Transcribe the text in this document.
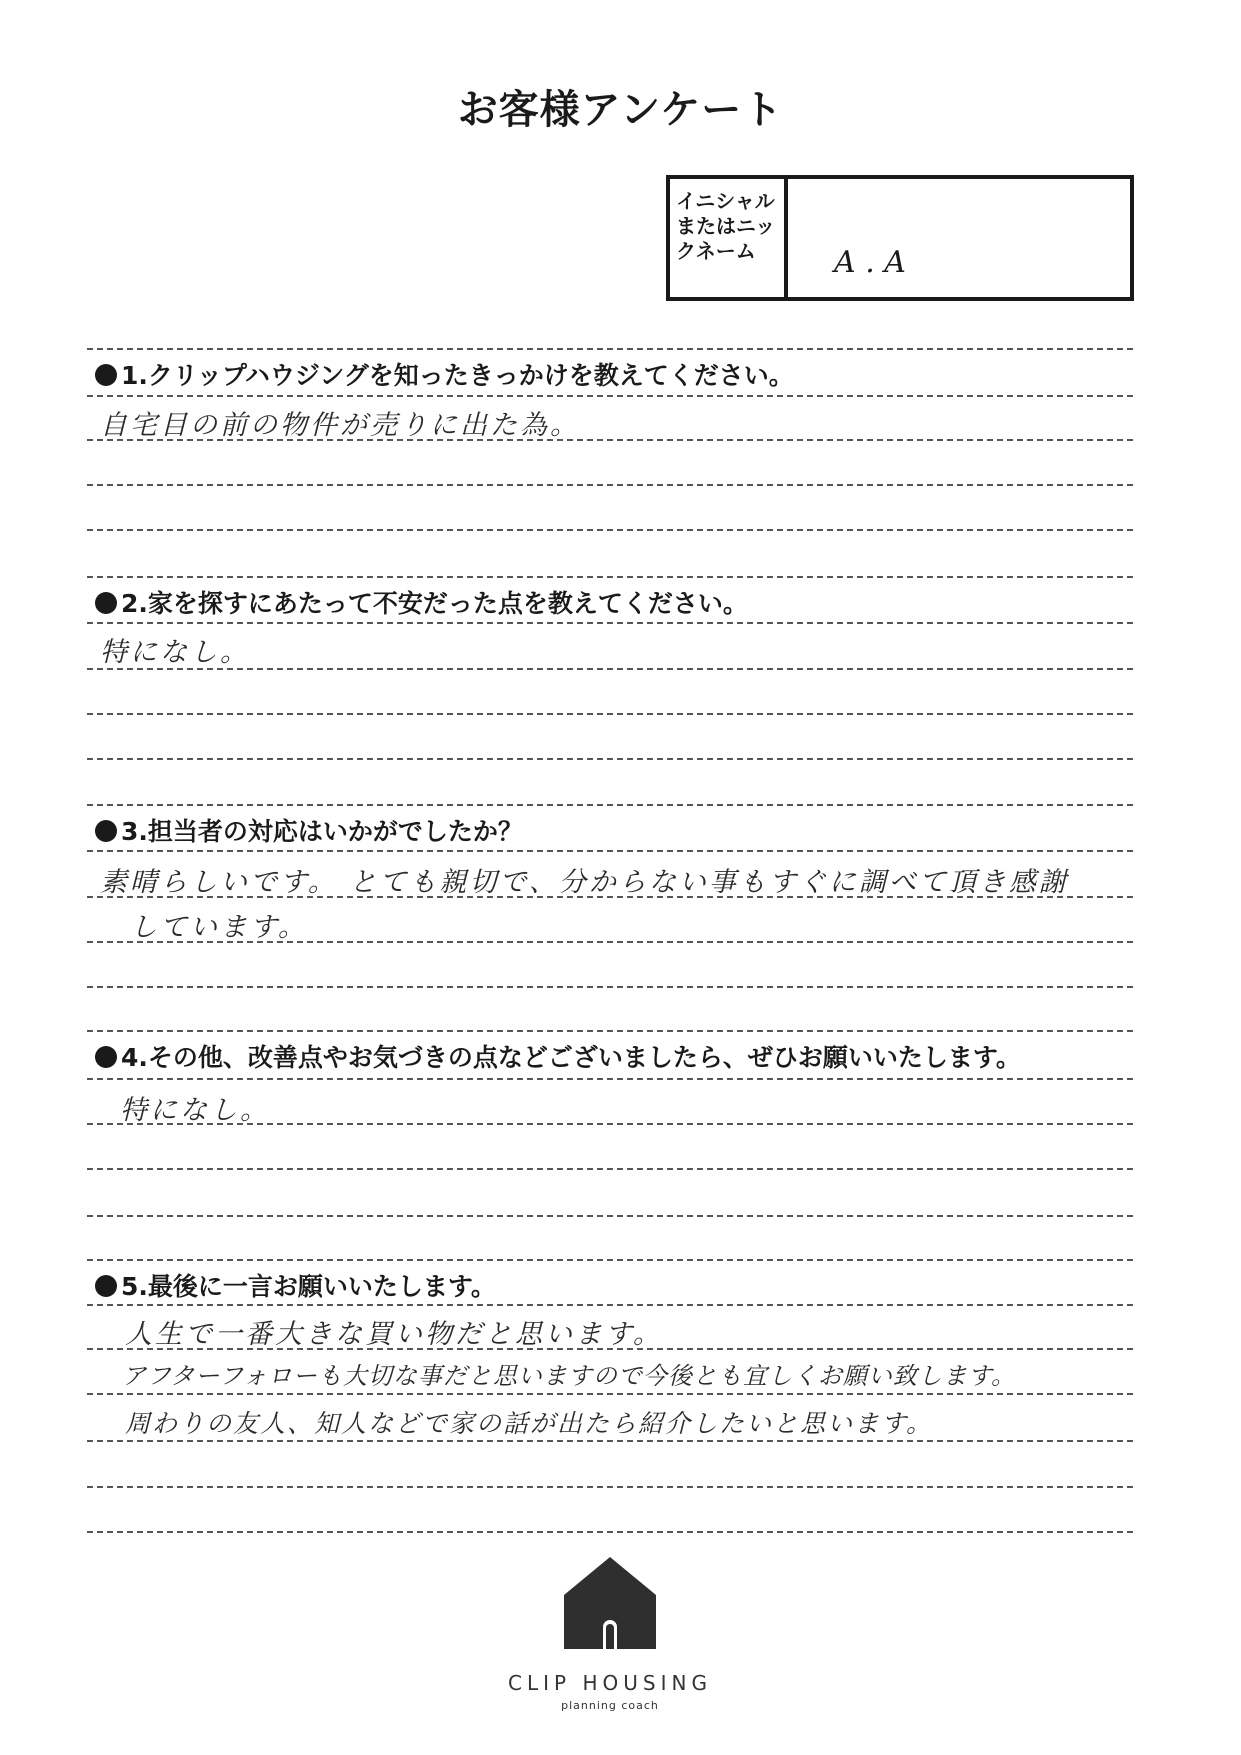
お客様アンケート
イニシャルまたはニックネーム	A . A
1.クリップハウジングを知ったきっかけを教えてください。
自宅目の前の物件が売りに出た為。
2.家を探すにあたって不安だった点を教えてください。
特になし。
3.担当者の対応はいかがでしたか？
素晴らしいです。 とても親切で、分からない事もすぐに調べて頂き感謝
しています。
4.その他、改善点やお気づきの点などございましたら、ぜひお願いいたします。
特になし。
5.最後に一言お願いいたします。
人生で一番大きな買い物だと思います。
アフターフォローも大切な事だと思いますので今後とも宜しくお願い致します。
周わりの友人、知人などで家の話が出たら紹介したいと思います。
CLIP HOUSING
planning coach
